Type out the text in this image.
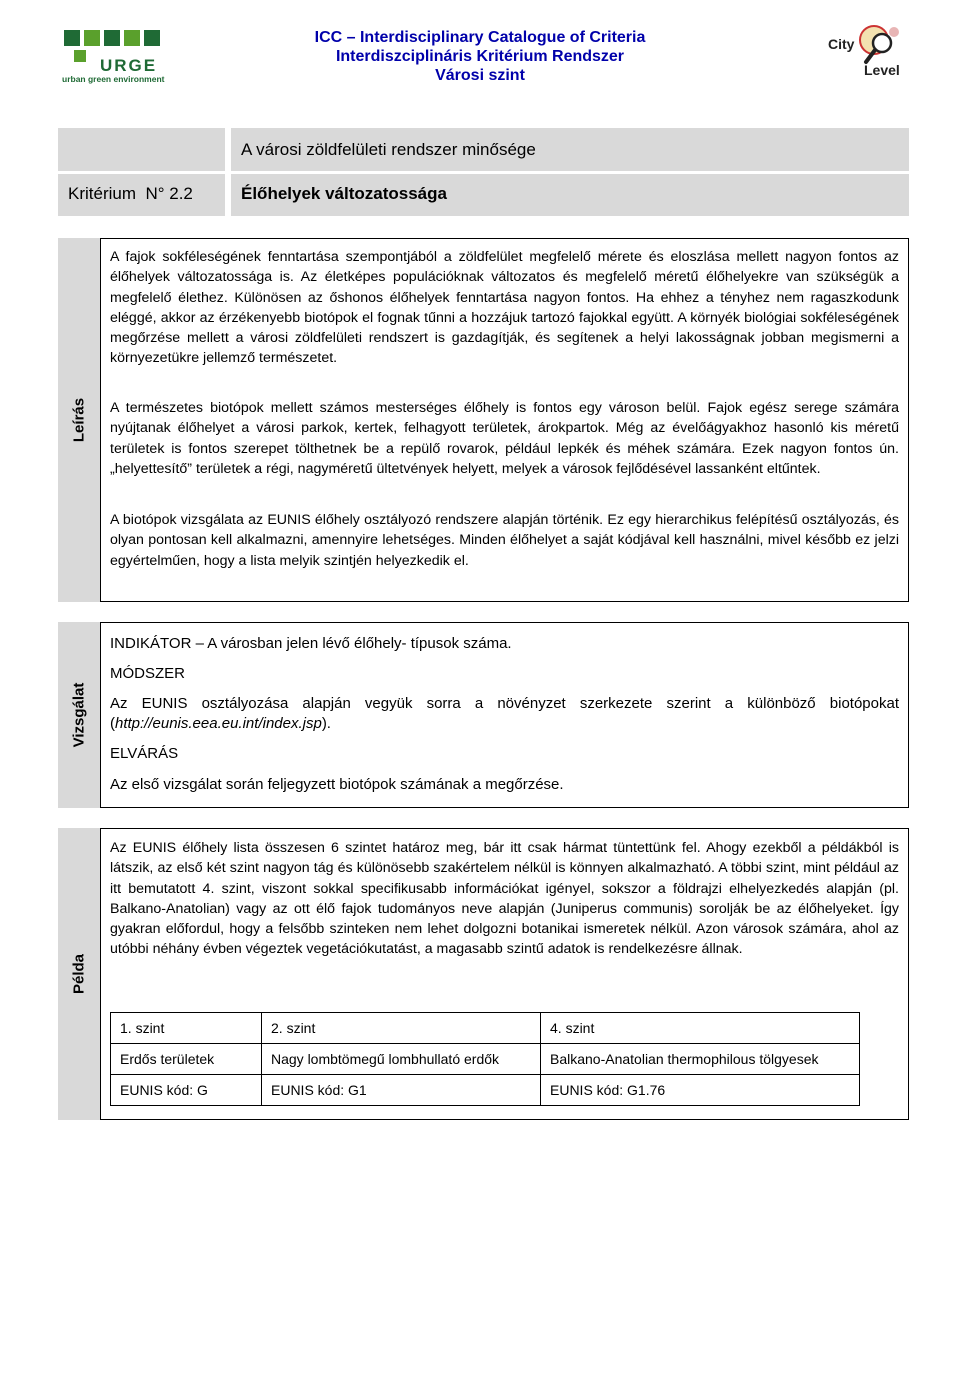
URGE
urban green environment
ICC – Interdisciplinary Catalogue of Criteria
Interdiszciplináris Kritérium Rendszer
Városi szint
City
Level
A városi zöldfelületi rendszer minősége
Kritérium  N° 2.2	Élőhelyek változatossága
Leírás

A fajok sokféleségének fenntartása szempontjából a zöldfelület megfelelő mérete és eloszlása mellett nagyon fontos az élőhelyek változatossága is. Az életképes populációknak változatos és megfelelő méretű élőhelyekre van szükségük a megfelelő élethez. Különösen az őshonos élőhelyek fenntartása nagyon fontos. Ha ehhez a tényhez nem ragaszkodunk eléggé, akkor az érzékenyebb biotópok el fognak tűnni a hozzájuk tartozó fajokkal együtt. A környék biológiai sokféleségének megőrzése mellett a városi zöldfelületi rendszert is gazdagítják, és segítenek a helyi lakosságnak jobban megismerni a környezetükre jellemző természetet.

A természetes biotópok mellett számos mesterséges élőhely is fontos egy városon belül. Fajok egész serege számára nyújtanak élőhelyet a városi parkok, kertek, felhagyott területek, árokpartok. Még az évelőágyakhoz hasonló kis méretű területek is fontos szerepet tölthetnek be a repülő rovarok, például lepkék és méhek számára. Ezek nagyon fontos ún. „helyettesítő” területek a régi, nagyméretű ültetvények helyett, melyek a városok fejlődésével lassanként eltűntek.

A biotópok vizsgálata az EUNIS élőhely osztályozó rendszere alapján történik. Ez egy hierarchikus felépítésű osztályozás, és olyan pontosan kell alkalmazni, amennyire lehetséges. Minden élőhelyet a saját kódjával kell használni, mivel később ez jelzi egyértelműen, hogy a lista melyik szintjén helyezkedik el.

Vizsgálat
INDIKÁTOR – A városban jelen lévő élőhely- típusok száma.
MÓDSZER
Az EUNIS osztályozása alapján vegyük sorra a növényzet szerkezete szerint a különböző biotópokat (http://eunis.eea.eu.int/index.jsp).
ELVÁRÁS
Az első vizsgálat során feljegyzett biotópok számának a megőrzése.
Példa

Az EUNIS élőhely lista összesen 6 szintet határoz meg, bár itt csak hármat tüntettünk fel. Ahogy ezekből a példákból is látszik, az első két szint nagyon tág és különösebb szakértelem nélkül is könnyen alkalmazható. A többi szint, mint például az itt bemutatott 4. szint, viszont sokkal specifikusabb információkat igényel, sokszor a földrajzi elhelyezkedés alapján (pl. Balkano-Anatolian) vagy az ott élő fajok tudományos neve alapján (Juniperus communis) sorolják be az élőhelyeket. Így gyakran előfordul, hogy a felsőbb szinteken nem lehet dolgozni botanikai ismeretek nélkül. Azon városok számára, ahol az utóbbi néhány évben végeztek vegetációkutatást, a magasabb szintű adatok is rendelkezésre állnak.

1. szint	2. szint	4. szint
Erdős területek	Nagy lombtömegű lombhullató erdők	Balkano-Anatolian thermophilous tölgyesek
EUNIS kód: G	EUNIS kód: G1	EUNIS kód: G1.76
